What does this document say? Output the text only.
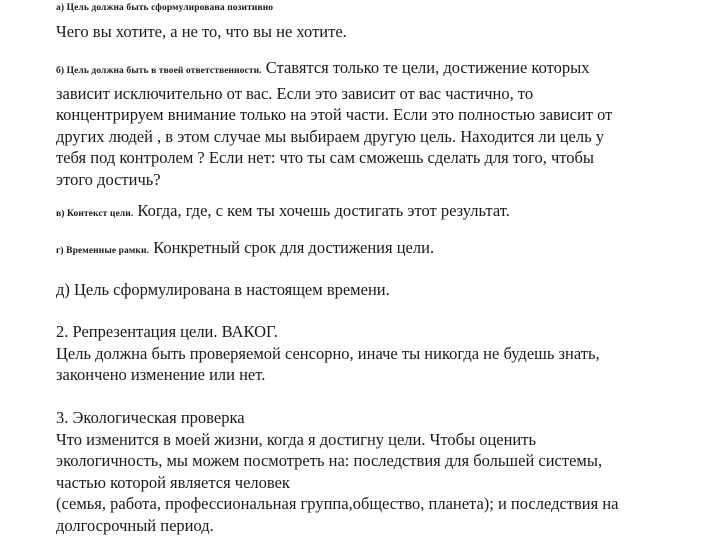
а) Цель должна быть сформулирована позитивно
Чего вы хотите, а не то, что вы не хотите.
б) Цель должна быть в твоей ответственности. Ставятся только те цели, достижение которых
зависит исключительно от вас. Если это зависит от вас частично, то
концентрируем внимание только на этой части. Если это полностью зависит от
других людей , в этом случае мы выбираем другую цель. Находится ли цель у
тебя под контролем ? Если нет: что ты сам сможешь сделать для того, чтобы
этого достичь?
в) Контекст цели. Когда, где, с кем ты хочешь достигать этот результат.
г) Временные рамки. Конкретный срок для достижения цели.
д) Цель сформулирована в настоящем времени.
2. Репрезентация цели. ВАКОГ.
Цель должна быть проверяемой сенсорно, иначе ты никогда не будешь знать,
закончено изменение или нет.
3. Экологическая проверка
Что изменится в моей жизни, когда я достигну цели. Чтобы оценить
экологичность, мы можем посмотреть на: последствия для большей системы,
частью которой является человек
(семья, работа, профессиональная группа,общество, планета); и последствия на
долгосрочный период.
